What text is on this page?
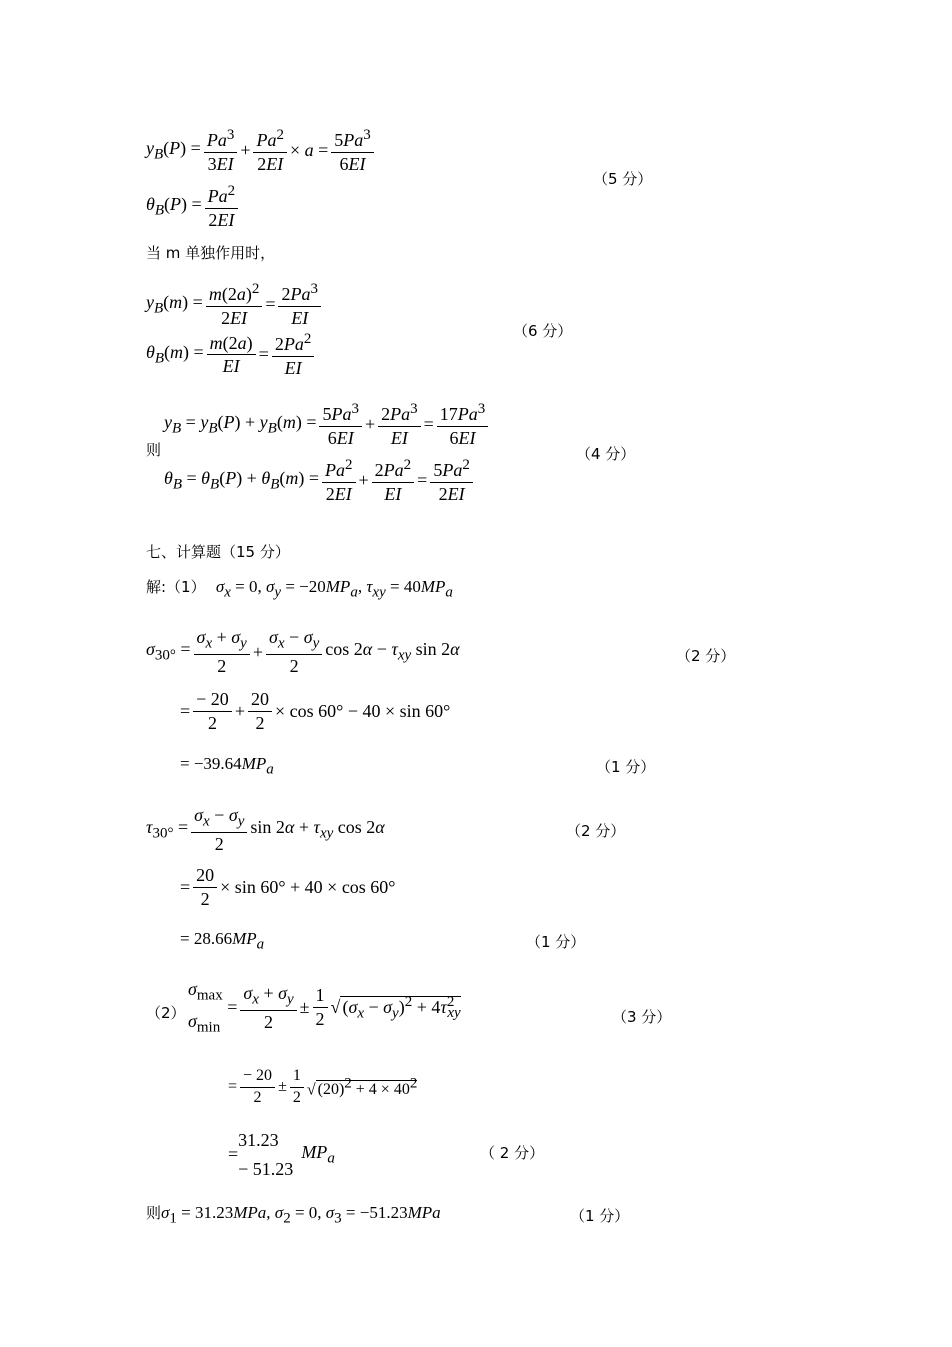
$y_B(P) = \frac{Pa^3}{3EI} + \frac{Pa^2}{2EI} \times a = \frac{5Pa^3}{6EI}$
（5 分）
$\theta_B(P) = \frac{Pa^2}{2EI}$
当 m 单独作用时，
$y_B(m) = \frac{m(2a)^2}{2EI} = \frac{2Pa^3}{EI}$
（6 分）
$\theta_B(m) = \frac{m(2a)}{EI} = \frac{2Pa^2}{EI}$
则
$y_B = y_B(P) + y_B(m) = \frac{5Pa^3}{6EI} + \frac{2Pa^3}{EI} = \frac{17Pa^3}{6EI}$
（4 分）
$\theta_B = \theta_B(P) + \theta_B(m) = \frac{Pa^2}{2EI} + \frac{2Pa^2}{EI} = \frac{5Pa^2}{2EI}$
七、计算题（15 分）
解:（1） $\sigma_x = 0$, $\sigma_y = -20MP_a$, $\tau_{xy} = 40MP_a$
$\sigma_{30^\circ} = \frac{\sigma_x + \sigma_y}{2} + \frac{\sigma_x - \sigma_y}{2}$ $\cos 2\alpha - \tau_{xy}$ sin 2α	（2 分）
= $\frac{- 20}{2} + \frac{20}{2} \times \cos 60^\circ - 40 \times \sin 60^\circ$
= $-39.64MP_a$	（1 分）
$\tau_{30^\circ} = \frac{\sigma_x - \sigma_y}{2}$ $\sin 2\alpha + \tau_{xy}$ cos 2α	（2 分）
= $\frac{20}{2} \times \sin 60^\circ + 40 \times \cos 60^\circ$
= $28.66MP_a$	（1 分）
（2）
$\sigma_{max}$
$\sigma_{min}$
= $\frac{\sigma_x + \sigma_y}{2} \pm \frac{1}{2}$ √ $(\sigma_x - \sigma_y)^2 + 4\tau^2_{xy}$	（3 分）
= $\frac{- 20}{2} \pm \frac{1}{2}$ √ $(20)^2 + 4 \times 40^2$
=
31.23
− 51.23
$MP_a$	（ 2 分）
则$\sigma_1 = 31.23MPa$, $\sigma_2 = 0$, $\sigma_3 = -51.23MPa$	（1 分）
